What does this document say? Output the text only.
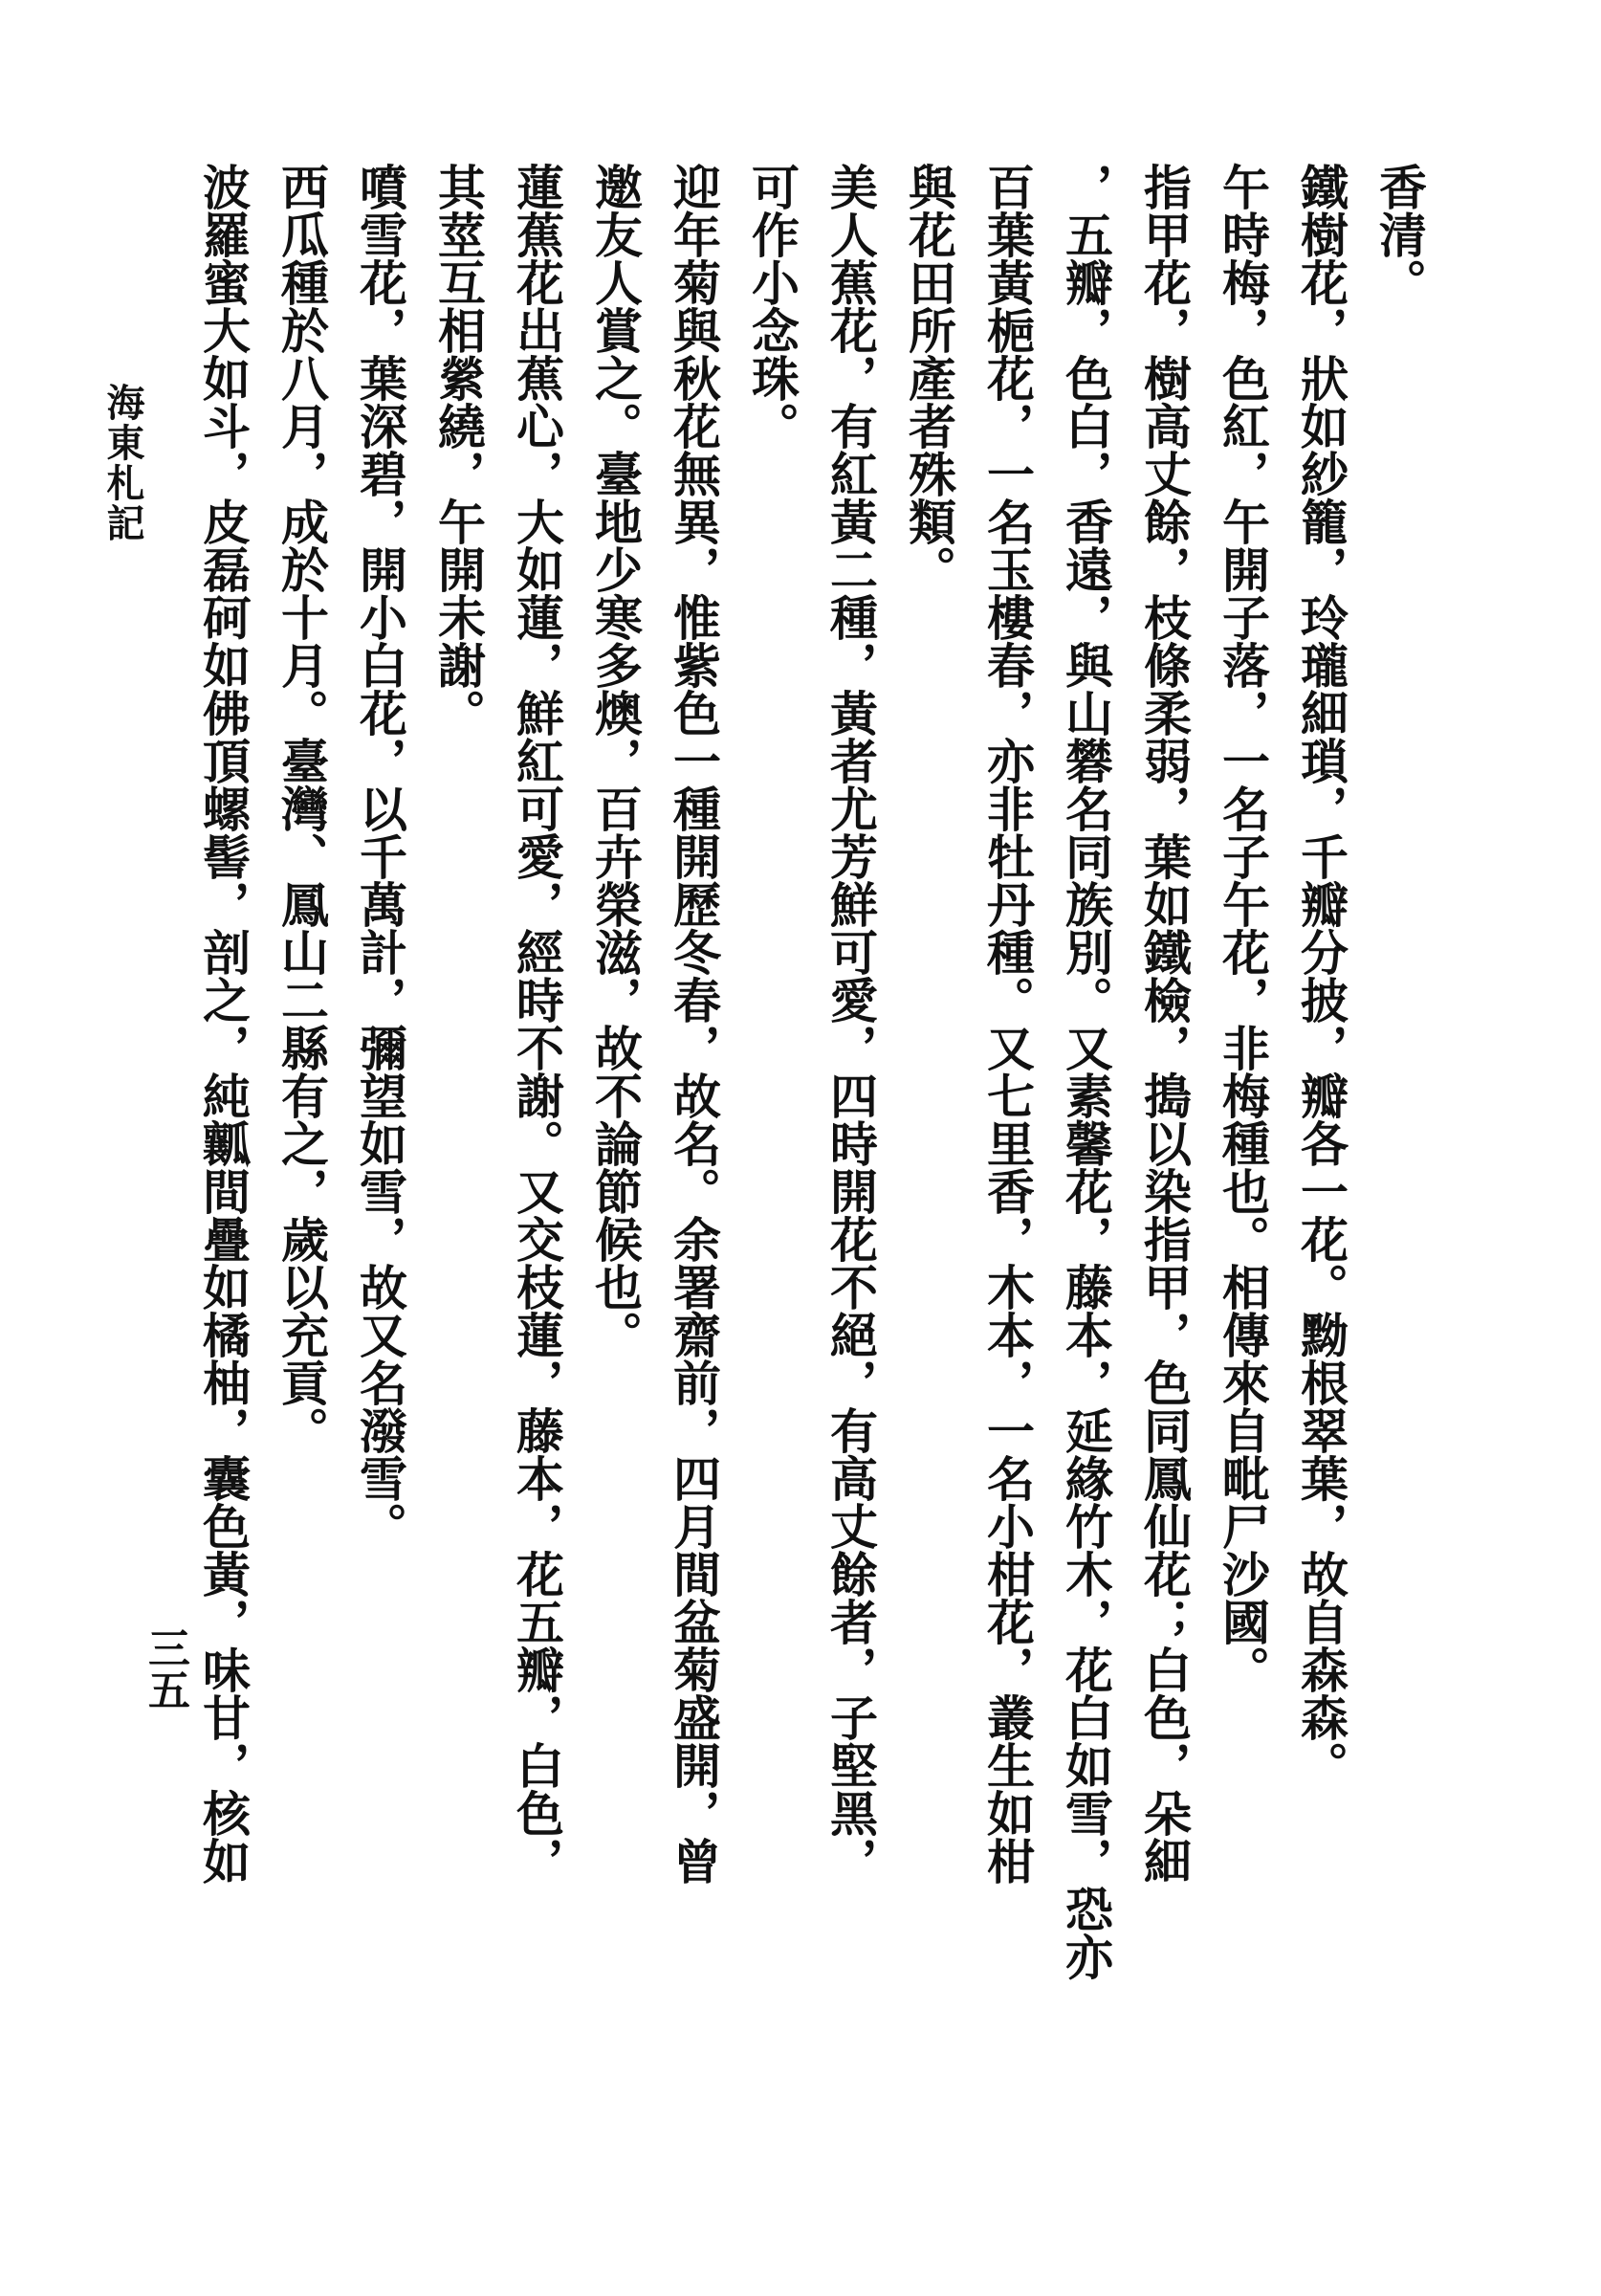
香清。
鐵樹花，狀如紗籠，玲瓏細瑣，千瓣分披，瓣各一花。黝根翠葉，故自森森。
午時梅，色紅，午開子落，一名子午花，非梅種也。相傳來自毗尸沙國。
指甲花，樹高丈餘，枝條柔弱，葉如鐵檢，搗以染指甲，色同鳳仙花；白色，朵細
，五瓣，色白，香遠，與山礬名同族別。又素馨花，藤本，延緣竹木，花白如雪，恐亦
百葉黃梔花，一名玉樓春，亦非牡丹種。又七里香，木本，一名小柑花，叢生如柑
與花田所產者殊類。
美人蕉花，有紅黃二種，黃者尤芳鮮可愛，四時開花不絕，有高丈餘者，子堅黑，
可作小念珠。
迎年菊與秋花無異，惟紫色一種開歷冬春，故名。余署齋前，四月間盆菊盛開，曾
邀友人賞之。臺地少寒多燠，百卉榮滋，故不論節候也。
蓮蕉花出蕉心，大如蓮，鮮紅可愛，經時不謝。又交枝蓮，藤本，花五瓣，白色，
其莖互相縈繞，午開未謝。
噴雪花，葉深碧，開小白花，以千萬計，彌望如雪，故又名潑雪。
西瓜種於八月，成於十月。臺灣、鳳山二縣有之，歲以充貢。
波羅蜜大如斗，皮磊砢如佛頂螺髻，剖之，純瓤間疊如橘柚，囊色黃，味甘，核如
海東札記
三五
